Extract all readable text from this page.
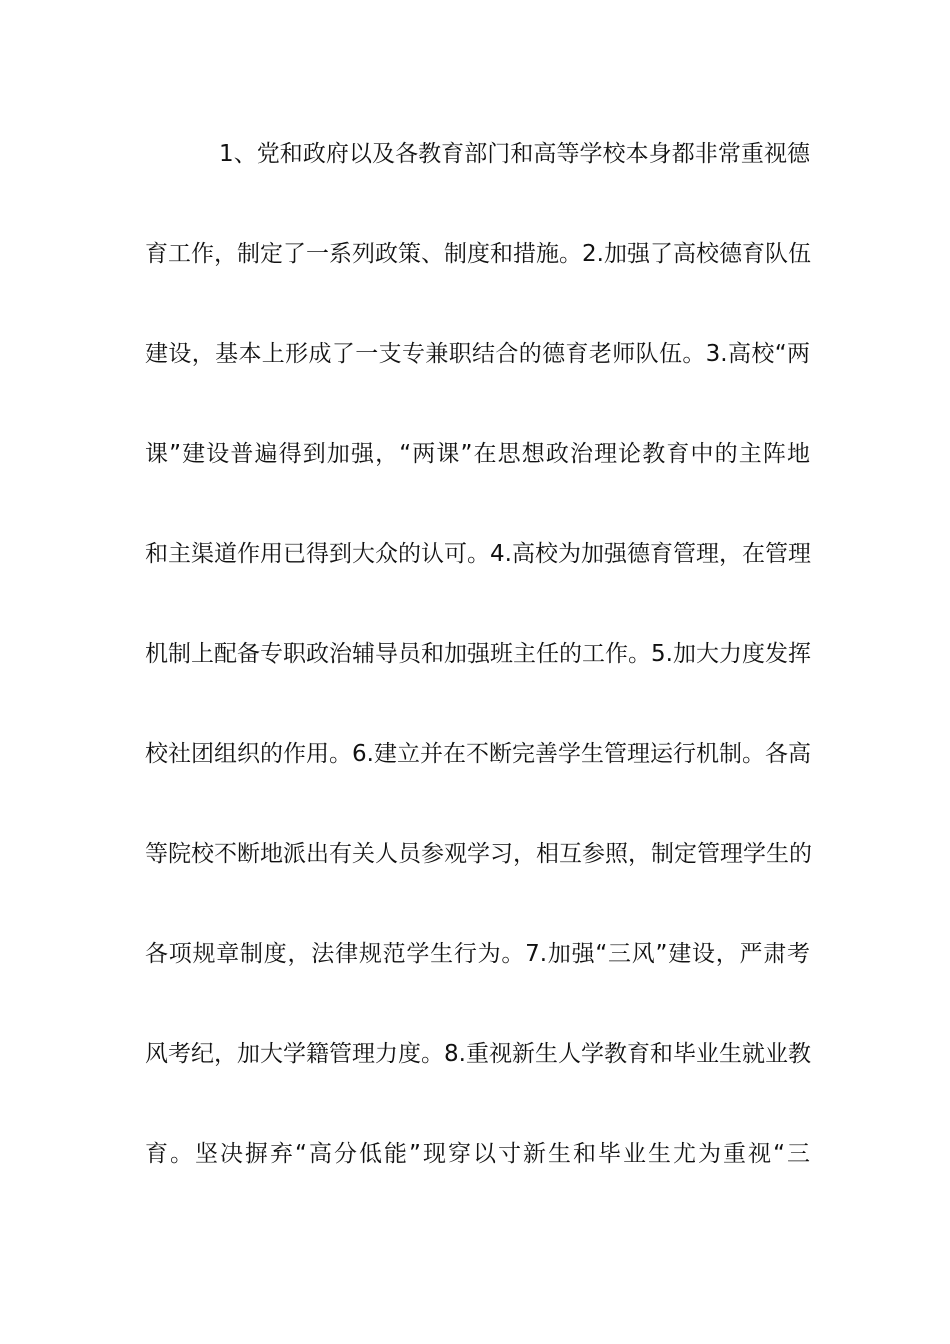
1、党和政府以及各教育部门和高等学校本身都非常重视德
育工作，制定了一系列政策、制度和措施。2.加强了高校德育队伍
建设，基本上形成了一支专兼职结合的德育老师队伍。3.高校“两
课”建设普遍得到加强，“两课”在思想政治理论教育中的主阵地
和主渠道作用已得到大众的认可。4.高校为加强德育管理，在管理
机制上配备专职政治辅导员和加强班主任的工作。5.加大力度发挥
校社团组织的作用。6.建立并在不断完善学生管理运行机制。各高
等院校不断地派出有关人员参观学习，相互参照，制定管理学生的
各项规章制度，法律规范学生行为。7.加强“三风”建设，严肃考
风考纪，加大学籍管理力度。8.重视新生人学教育和毕业生就业教
育。坚决摒弃“高分低能”现穿以寸新生和毕业生尤为重视“三
